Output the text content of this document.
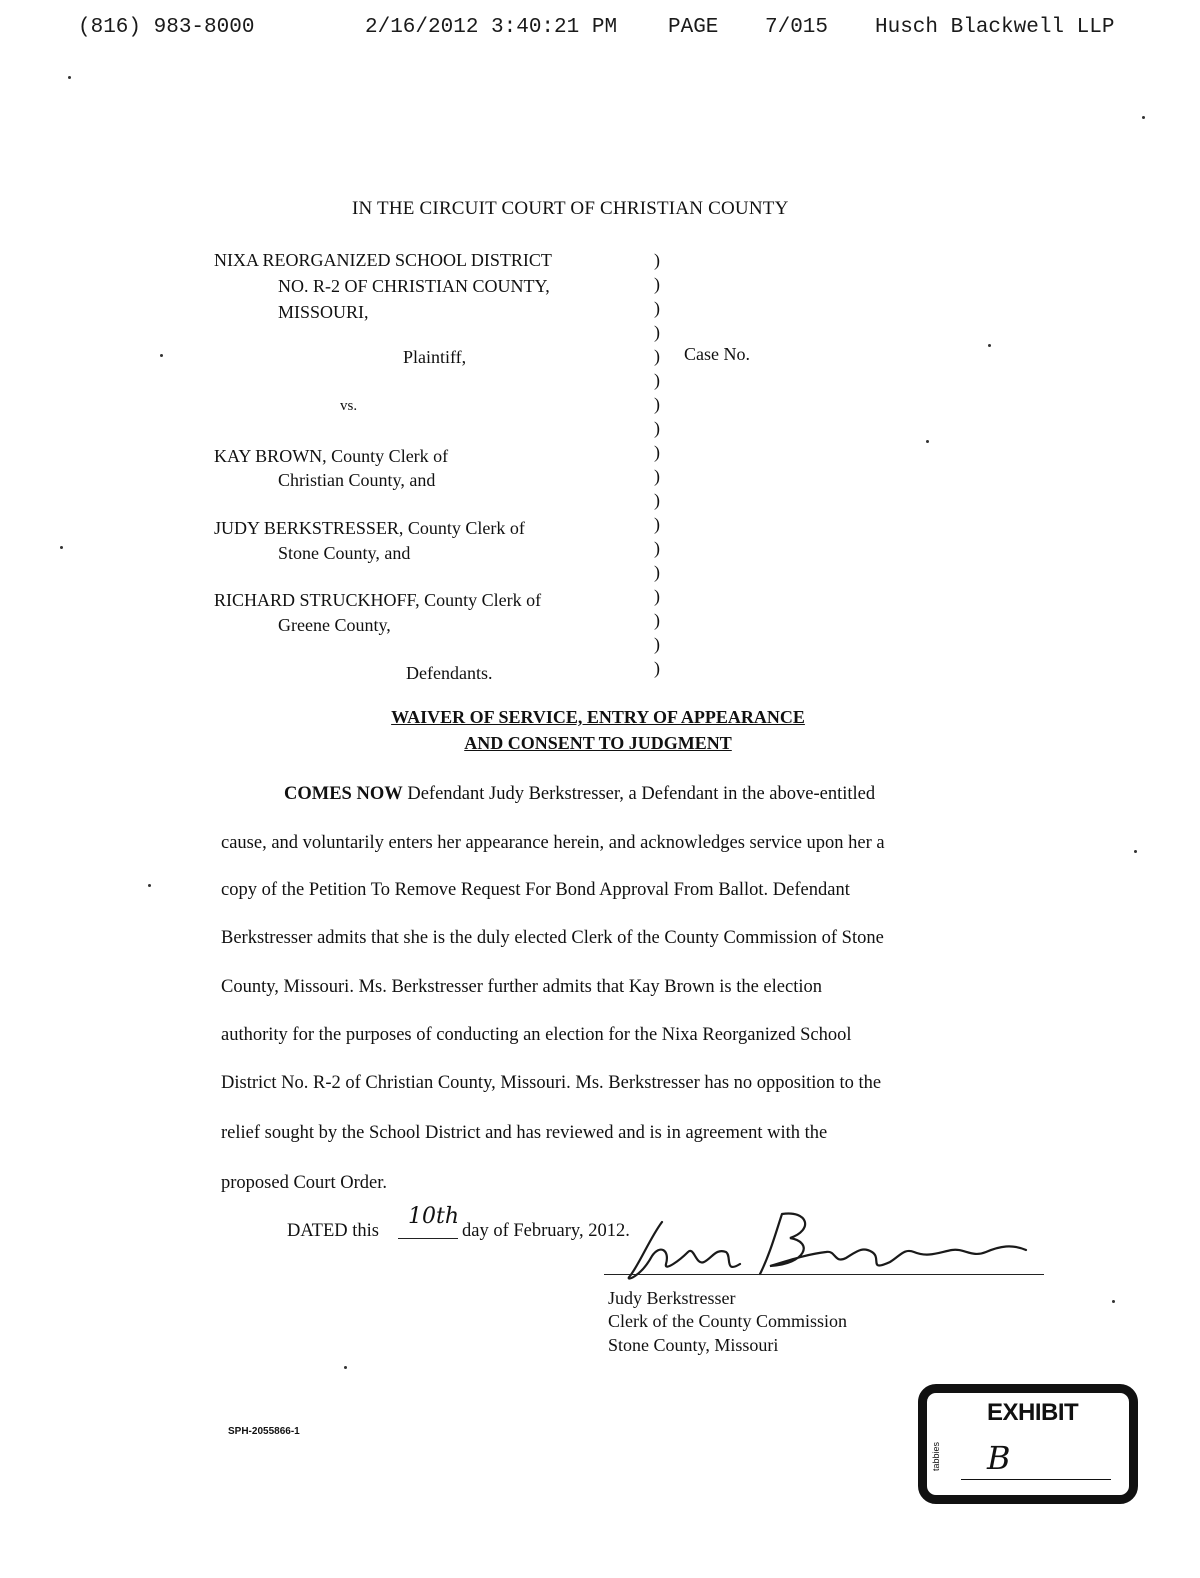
(816) 983-8000	2/16/2012 3:40:21 PM PAGE 7/015 Husch Blackwell LLP
IN THE CIRCUIT COURT OF CHRISTIAN COUNTY
NIXA REORGANIZED SCHOOL DISTRICT
NO. R-2 OF CHRISTIAN COUNTY,
MISSOURI,
Plaintiff,
vs.
KAY BROWN, County Clerk of
Christian County, and
JUDY BERKSTRESSER, County Clerk of
Stone County, and
RICHARD STRUCKHOFF, County Clerk of
Greene County,
Defendants.
)
)
)
)
)
)
)
)
)
)
)
)
)
)
)
)
)
)
Case No.
WAIVER OF SERVICE, ENTRY OF APPEARANCE
AND CONSENT TO JUDGMENT
COMES NOW Defendant Judy Berkstresser, a Defendant in the above-entitled
cause, and voluntarily enters her appearance herein, and acknowledges service upon her a
copy of the Petition To Remove Request For Bond Approval From Ballot. Defendant
Berkstresser admits that she is the duly elected Clerk of the County Commission of Stone
County, Missouri. Ms. Berkstresser further admits that Kay Brown is the election
authority for the purposes of conducting an election for the Nixa Reorganized School
District No. R-2 of Christian County, Missouri. Ms. Berkstresser has no opposition to the
relief sought by the School District and has reviewed and is in agreement with the
proposed Court Order.
DATED this
10th
day of February, 2012.
Judy Berkstresser
Clerk of the County Commission
Stone County, Missouri
SPH-2055866-1
EXHIBIT
tabbies B
